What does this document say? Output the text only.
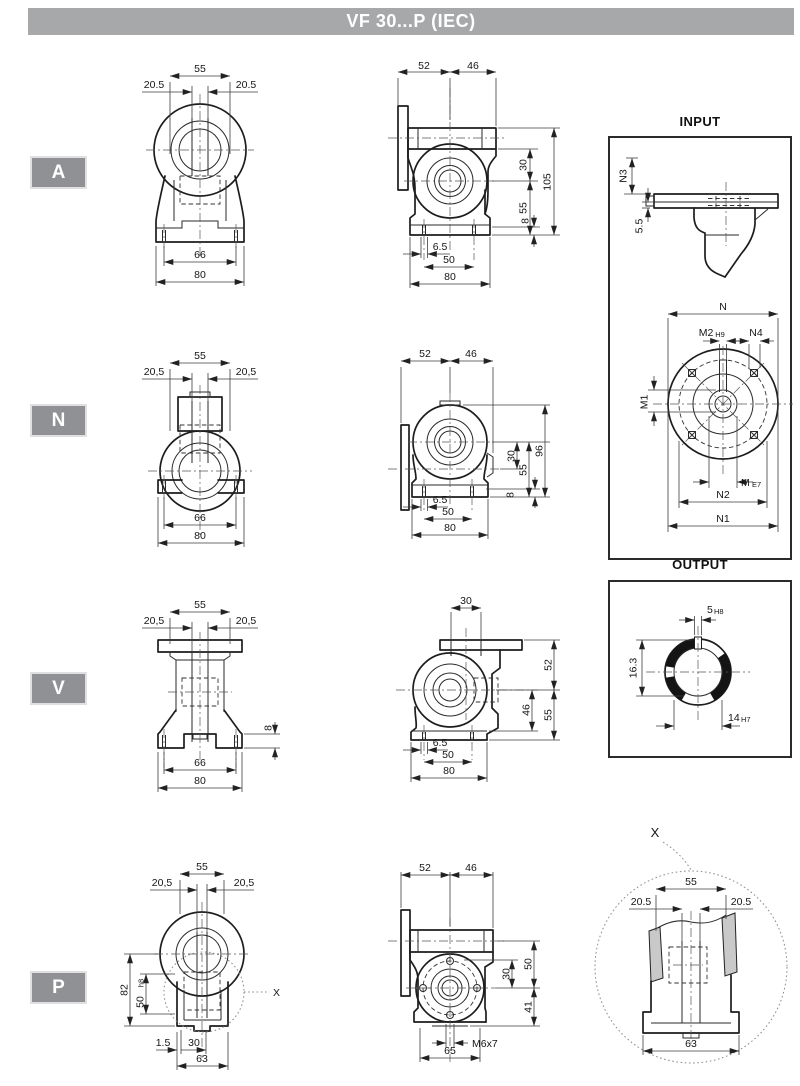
VF 30...P (IEC)
A
N
V
P
55
20.5	20.5
66
80
52	46
30
55
105
8
6.5
50
80
55
20,5	20,5
66
80
52	46
30
55
96
8
6.5
50
80
55
20,5	20,5
8
66
80
30
52
46 55
6.5
50
80
55
20,5	20,5
82
50
h8
X
1.5 30
63
52	46
30
50
41
M6x7
65
INPUT
N3
5.5
N
M2 H9 N4
M1
M E7
N2
N1
OUTPUT
5 H8
16.3
14 H7
X
55
20.5	20.5
63
